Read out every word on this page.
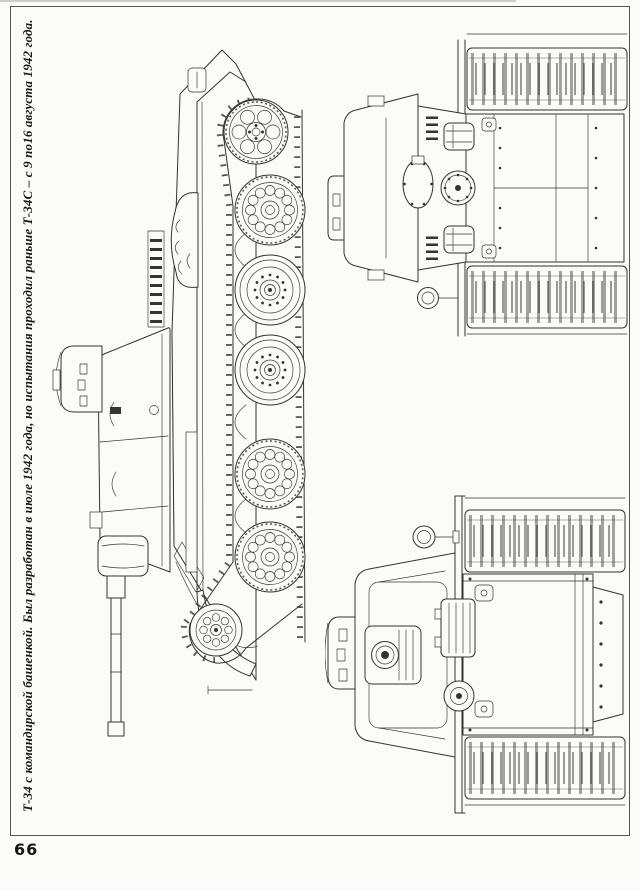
Т-34 с командирской башенкой. Был разработан в июле 1942 года, но испытания проходил раньше Т-34С – с 9 по16 августа 1942 года.
66
